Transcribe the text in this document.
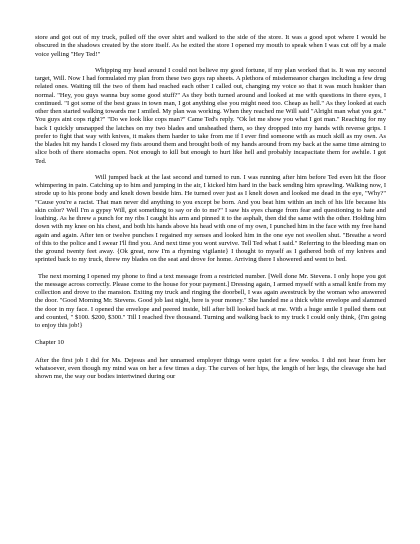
store and got out of my truck, pulled off the over shirt and walked to the side of the store. It was a good spot where I would be obscured in the shadows created by the store itself. As he exited the store I opened my mouth to speak when I was cut off by a male voice yelling "Hey Ted!"

Whipping my head around I could not believe my good fortune, if my plan worked that is. It was my second target, Will. Now I had formulated my plan from these two guys rap sheets. A plethora of misdemeanor charges including a few drug related ones. Waiting till the two of them had reached each other I called out, changing my voice so that it was much huskier than normal. "Hey, you guys wanna buy some good stuff?" As they both turned around and looked at me with questions in there eyes, I continued. "I got some of the best grass in town man, I got anything else you might need too. Cheap as hell." As they looked at each other then started walking towards me I smiled. My plan was working. When they reached me Will said "Alright man what you got." You guys aint cops right?" "Do we look like cops man?" Came Ted's reply. "Ok let me show you what I got man." Reaching for my back I quickly unsnapped the latches on my two blades and unsheathed them, so they dropped into my hands with reverse grips. I prefer to fight that way with knives, it makes them harder to take from me if I ever find someone with as much skill as my own. As the blades hit my hands I closed my fists around them and brought both of my hands around from my back at the same time aiming to slice both of there stomachs open. Not enough to kill but enough to hurt like hell and probably incapacitate them for awhile. I got Ted.

Will jumped back at the last second and turned to run. I was running after him before Ted even hit the floor whimpering in pain. Catching up to him and jumping in the air, I kicked him hard in the back sending him sprawling. Walking now, I strode up to his prone body and knelt down beside him. He turned over just as I knelt down and looked me dead in the eye, "Why?" "Cause you're a racist. That man never did anything to you except be born. And you beat him within an inch of his life because his skin color? Well I'm a gypsy Will, got something to say or do to me?" I saw his eyes change from fear and questioning to hate and loathing. As he threw a punch for my ribs I caught his arm and pinned it to the asphalt, then did the same with the other. Holding him down with my knee on his chest, and both his hands above his head with one of my own, I punched him in the face with my free hand again and again. After ten or twelve punches I regained my senses and looked him in the one eye not swollen shut. "Breathe a word of this to the police and I swear I'll find you. And next time you wont survive. Tell Ted what I said." Referring to the bleeding man on the ground twenty feet away. {Ok great, now I'm a rhyming vigilante} I thought to myself as I gathered both of my knives and sprinted back to my truck, threw my blades on the seat and drove for home. Arriving there I showered and went to bed.

The next morning I opened my phone to find a text message from a restricted number. [Well done Mr. Stevens. I only hope you got the message across correctly. Please come to the house for your payment.] Dressing again, I armed myself with a small knife from my collection and drove to the mansion. Exiting my truck and ringing the doorbell, I was again awestruck by the woman who answered the door. "Good Morning Mr. Stevens. Good job last night, here is your money." She handed me a thick white envelope and slammed the door in my face. I opened the envelope and peered inside, bill after bill looked back at me. With a huge smile I pulled them out and counted, " $100. $200, $300." Till I reached five thousand. Turning and walking back to my truck I could only think, {I'm going to enjoy this job!}

Chapter 10

After the first job I did for Ms. Dejesus and her unnamed employer things were quiet for a few weeks. I did not hear from her whatsoever, even though my mind was on her a few times a day. The curves of her hips, the length of her legs, the cleavage she had shown me, the way our bodies intertwined during our
